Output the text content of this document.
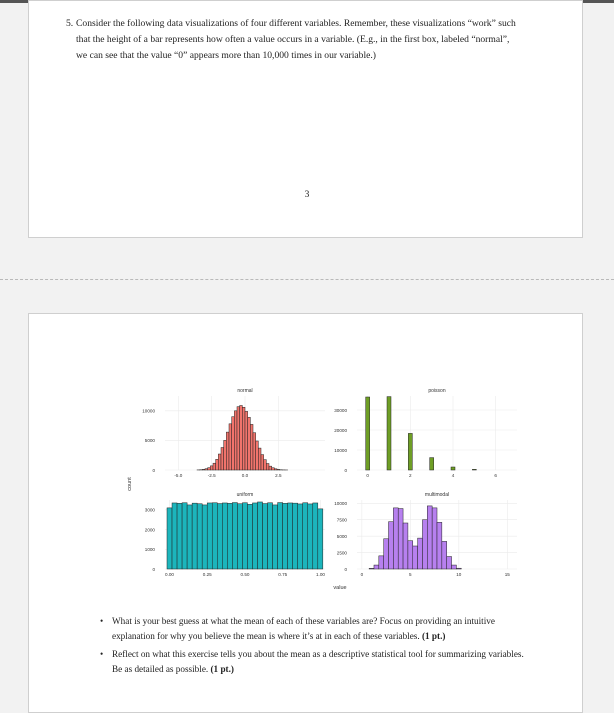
5. Consider the following data visualizations of four different variables. Remember, these visualizations “work” such that the height of a bar represents how often a value occurs in a variable. (E.g., in the first box, labeled “normal”, we can see that the value “0” appears more than 10,000 times in our variable.)
3
normal
0
5000
10000
-5.0	-2.5	0.0	2.5
poisson
0
10000
20000
30000
0	2	4	6
uniform
0
1000
2000
3000
0.00	0.25	0.50	0.75	1.00
multimodal
0
2500
5000
7500
10000
0	5	10	15
count
value
• What is your best guess at what the mean of each of these variables are? Focus on providing an intuitive explanation for why you believe the mean is where it’s at in each of these variables. (1 pt.)
• Reflect on what this exercise tells you about the mean as a descriptive statistical tool for summarizing variables. Be as detailed as possible. (1 pt.)
